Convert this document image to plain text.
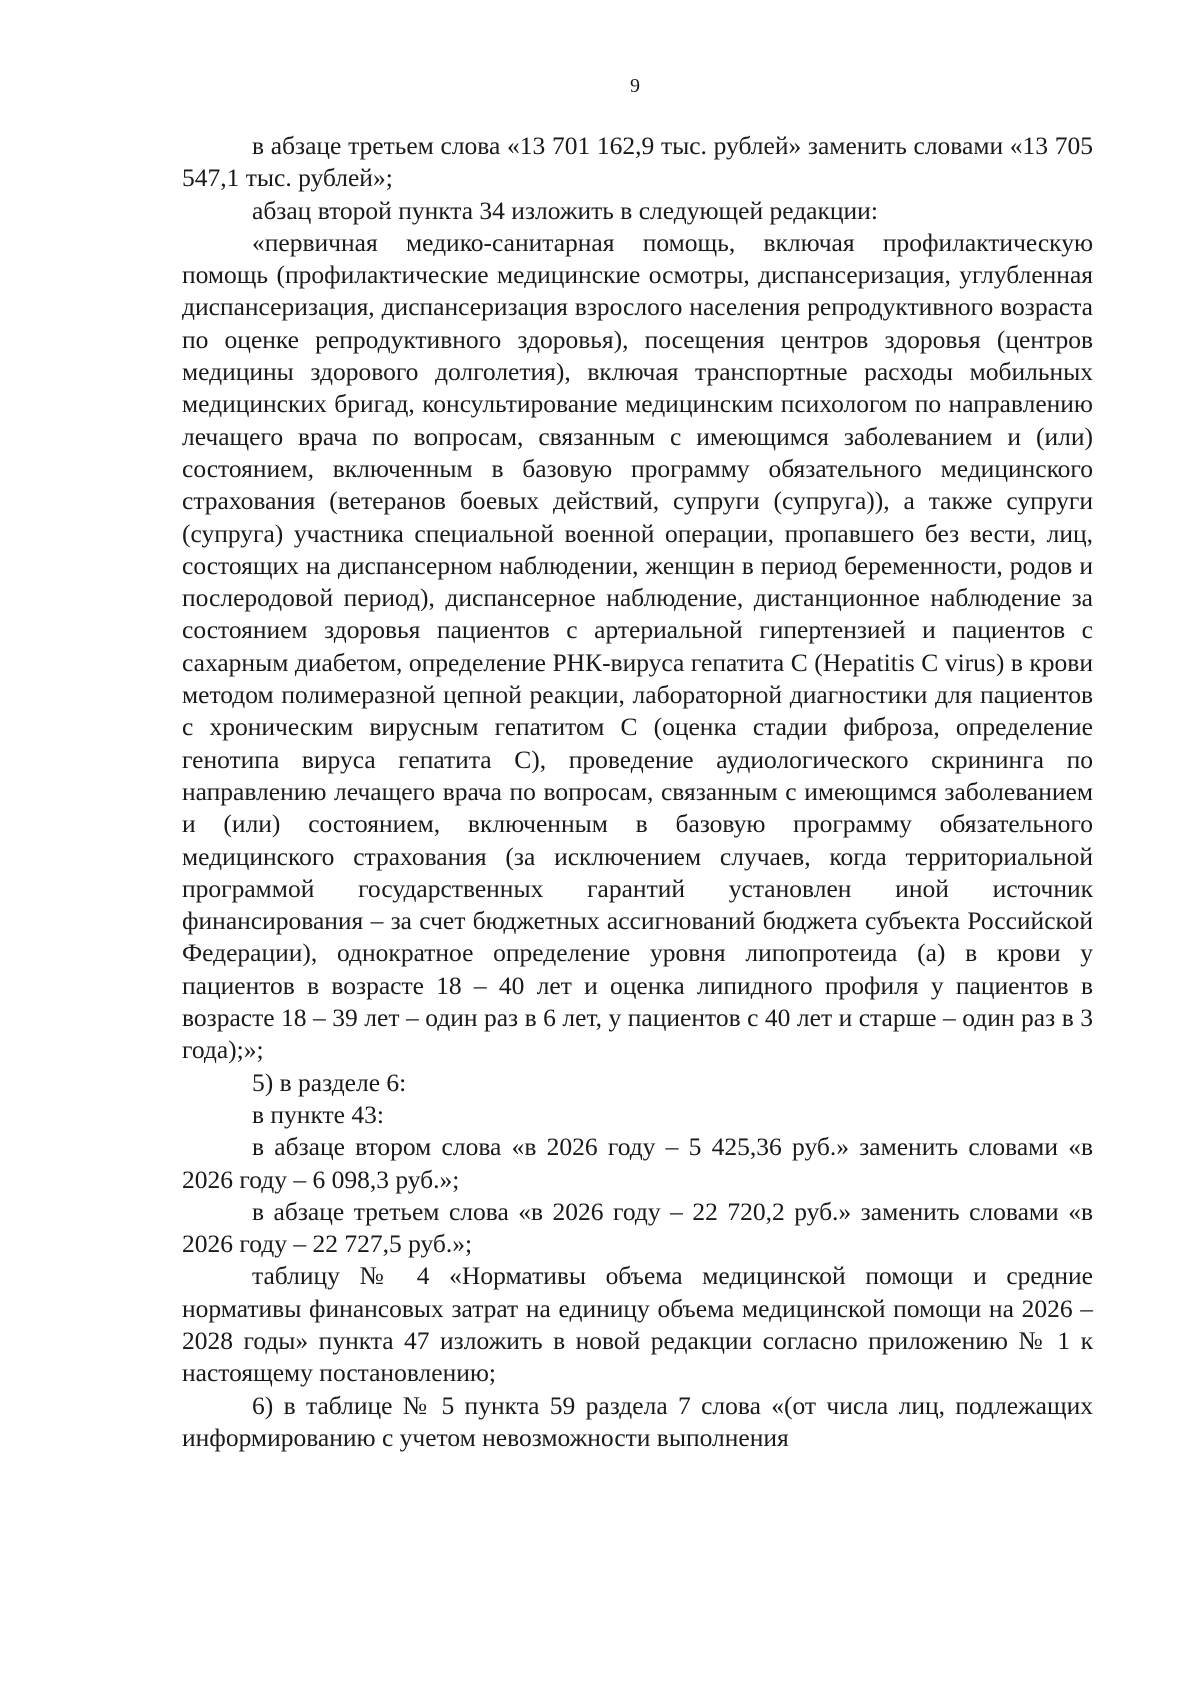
9

в абзаце третьем слова «13 701 162,9 тыс. рублей» заменить словами «13 705 547,1 тыс. рублей»;

абзац второй пункта 34 изложить в следующей редакции:

«первичная медико-санитарная помощь, включая профилактическую помощь (профилактические медицинские осмотры, диспансеризация, углубленная диспансеризация, диспансеризация взрослого населения репродуктивного возраста по оценке репродуктивного здоровья), посещения центров здоровья (центров медицины здорового долголетия), включая транспортные расходы мобильных медицинских бригад, консультирование медицинским психологом по направлению лечащего врача по вопросам, связанным с имеющимся заболеванием и (или) состоянием, включенным в базовую программу обязательного медицинского страхования (ветеранов боевых действий, супруги (супруга)), а также супруги (супруга) участника специальной военной операции, пропавшего без вести, лиц, состоящих на диспансерном наблюдении, женщин в период беременности, родов и послеродовой период), диспансерное наблюдение, дистанционное наблюдение за состоянием здоровья пациентов с артериальной гипертензией и пациентов с сахарным диабетом, определение РНК-вируса гепатита С (Hepatitis C virus) в крови методом полимеразной цепной реакции, лабораторной диагностики для пациентов с хроническим вирусным гепатитом С (оценка стадии фиброза, определение генотипа вируса гепатита С), проведение аудиологического скрининга по направлению лечащего врача по вопросам, связанным с имеющимся заболеванием и (или) состоянием, включенным в базовую программу обязательного медицинского страхования (за исключением случаев, когда территориальной программой государственных гарантий установлен иной источник финансирования – за счет бюджетных ассигнований бюджета субъекта Российской Федерации), однократное определение уровня липопротеида (а) в крови у пациентов в возрасте 18 – 40 лет и оценка липидного профиля у пациентов в возрасте 18 – 39 лет – один раз в 6 лет, у пациентов с 40 лет и старше – один раз в 3 года);»;

5) в разделе 6:

в пункте 43:

в абзаце втором слова «в 2026 году – 5 425,36 руб.» заменить словами «в 2026 году – 6 098,3 руб.»;

в абзаце третьем слова «в 2026 году – 22 720,2 руб.» заменить словами «в 2026 году – 22 727,5 руб.»;

таблицу № 4 «Нормативы объема медицинской помощи и средние нормативы финансовых затрат на единицу объема медицинской помощи на 2026 – 2028 годы» пункта 47 изложить в новой редакции согласно приложению № 1 к настоящему постановлению;

6) в таблице № 5 пункта 59 раздела 7 слова «(от числа лиц, подлежащих информированию с учетом невозможности выполнения
